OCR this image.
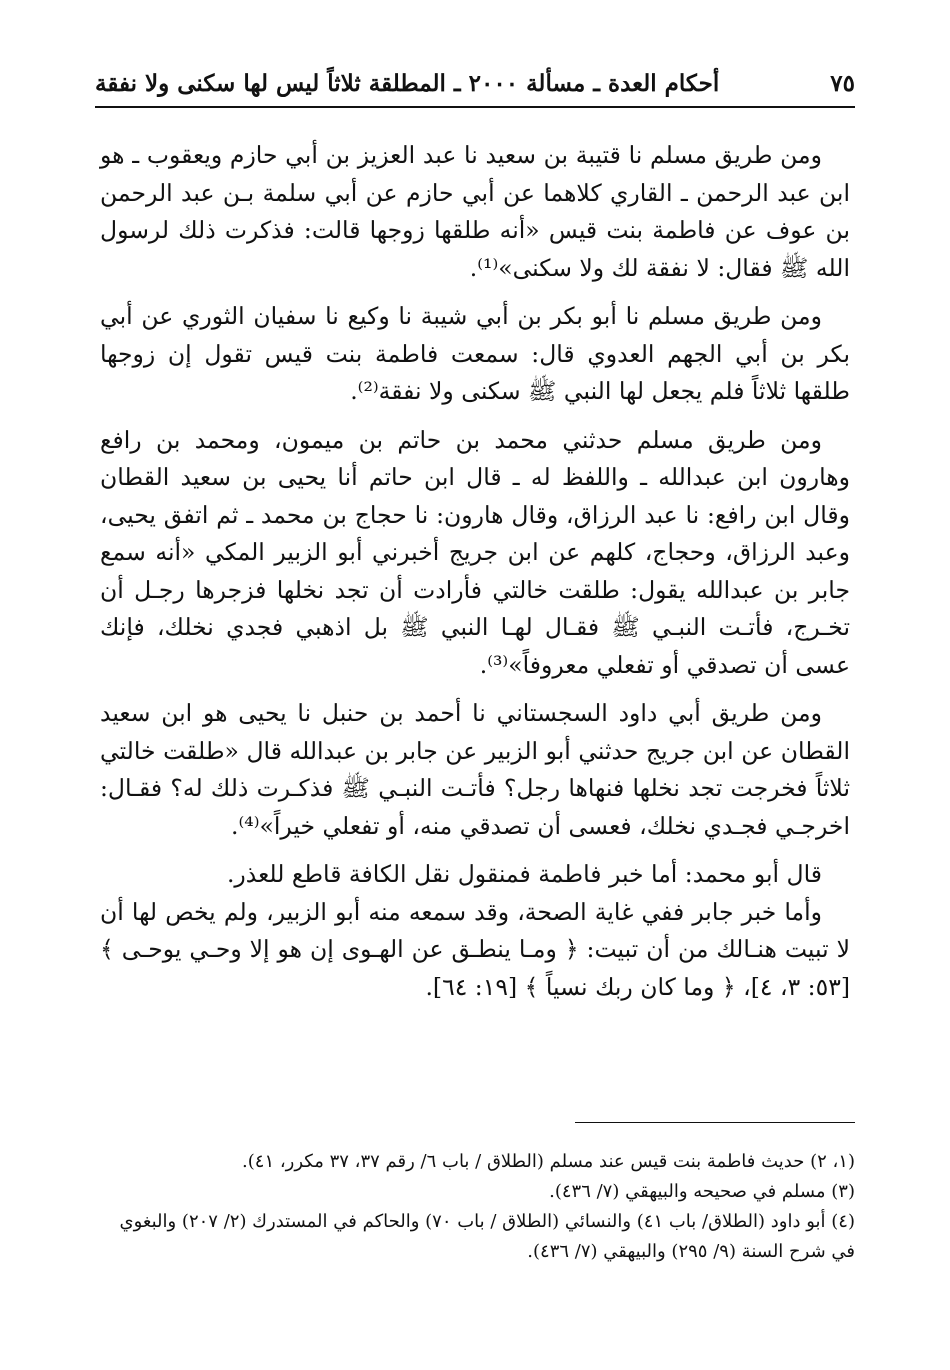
أحكام العدة ـ مسألة ٢٠٠٠ ـ المطلقة ثلاثاً ليس لها سكنى ولا نفقة	٧٥

ومن طريق مسلم نا قتيبة بن سعيد نا عبد العزيز بن أبي حازم ويعقوب ـ هو ابن عبد الرحمن ـ القاري كلاهما عن أبي حازم عن أبي سلمة بـن عبد الرحمن بن عوف عن فاطمة بنت قيس «أنه طلقها زوجها قالت: فذكرت ذلك لرسول الله ﷺ فقال: لا نفقة لك ولا سكنى»⁽¹⁾.

ومن طريق مسلم نا أبو بكر بن أبي شيبة نا وكيع نا سفيان الثوري عن أبي بكر بن أبي الجهم العدوي قال: سمعت فاطمة بنت قيس تقول إن زوجها طلقها ثلاثاً فلم يجعل لها النبي ﷺ سكنى ولا نفقة⁽²⁾.

ومن طريق مسلم حدثني محمد بن حاتم بن ميمون، ومحمد بن رافع وهارون ابن عبدالله ـ واللفظ له ـ قال ابن حاتم أنا يحيى بن سعيد القطان وقال ابن رافع: نا عبد الرزاق، وقال هارون: نا حجاج بن محمد ـ ثم اتفق يحيى، وعبد الرزاق، وحجاج، كلهم عن ابن جريج أخبرني أبو الزبير المكي «أنه سمع جابر بن عبدالله يقول: طلقت خالتي فأرادت أن تجد نخلها فزجرها رجـل أن تخـرج، فأتـت النبـي ﷺ فقـال لهـا النبي ﷺ بل اذهبي فجدي نخلك، فإنك عسى أن تصدقي أو تفعلي معروفاً»⁽³⁾.

ومن طريق أبي داود السجستاني نا أحمد بن حنبل نا يحيى هو ابن سعيد القطان عن ابن جريج حدثني أبو الزبير عن جابر بن عبدالله قال «طلقت خالتي ثلاثاً فخرجت تجد نخلها فنهاها رجل؟ فأتـت النبـي ﷺ فذكـرت ذلك له؟ فقـال: اخرجـي فجـدي نخلك، فعسى أن تصدقي منه، أو تفعلي خيراً»⁽⁴⁾.

قال أبو محمد: أما خبر فاطمة فمنقول نقل الكافة قاطع للعذر.

وأما خبر جابر ففي غاية الصحة، وقد سمعه منه أبو الزبير، ولم يخص لها أن لا تبيت هنـالك من أن تبيت: ﴿ ومـا ينطـق عن الهـوى إن هو إلا وحـي يوحـى ﴾ [٥٣: ٣، ٤]، ﴿ وما كان ربك نسياً ﴾ [١٩: ٦٤].

(١، ٢) حديث فاطمة بنت قيس عند مسلم (الطلاق / باب ٦/ رقم ٣٧، ٣٧ مكرر، ٤١).

(٣) مسلم في صحيحه والبيهقي (٧/ ٤٣٦).

(٤) أبو داود (الطلاق/ باب ٤١) والنسائي (الطلاق / باب ٧٠) والحاكم في المستدرك (٢/ ٢٠٧) والبغوي في شرح السنة (٩/ ٢٩٥) والبيهقي (٧/ ٤٣٦).
